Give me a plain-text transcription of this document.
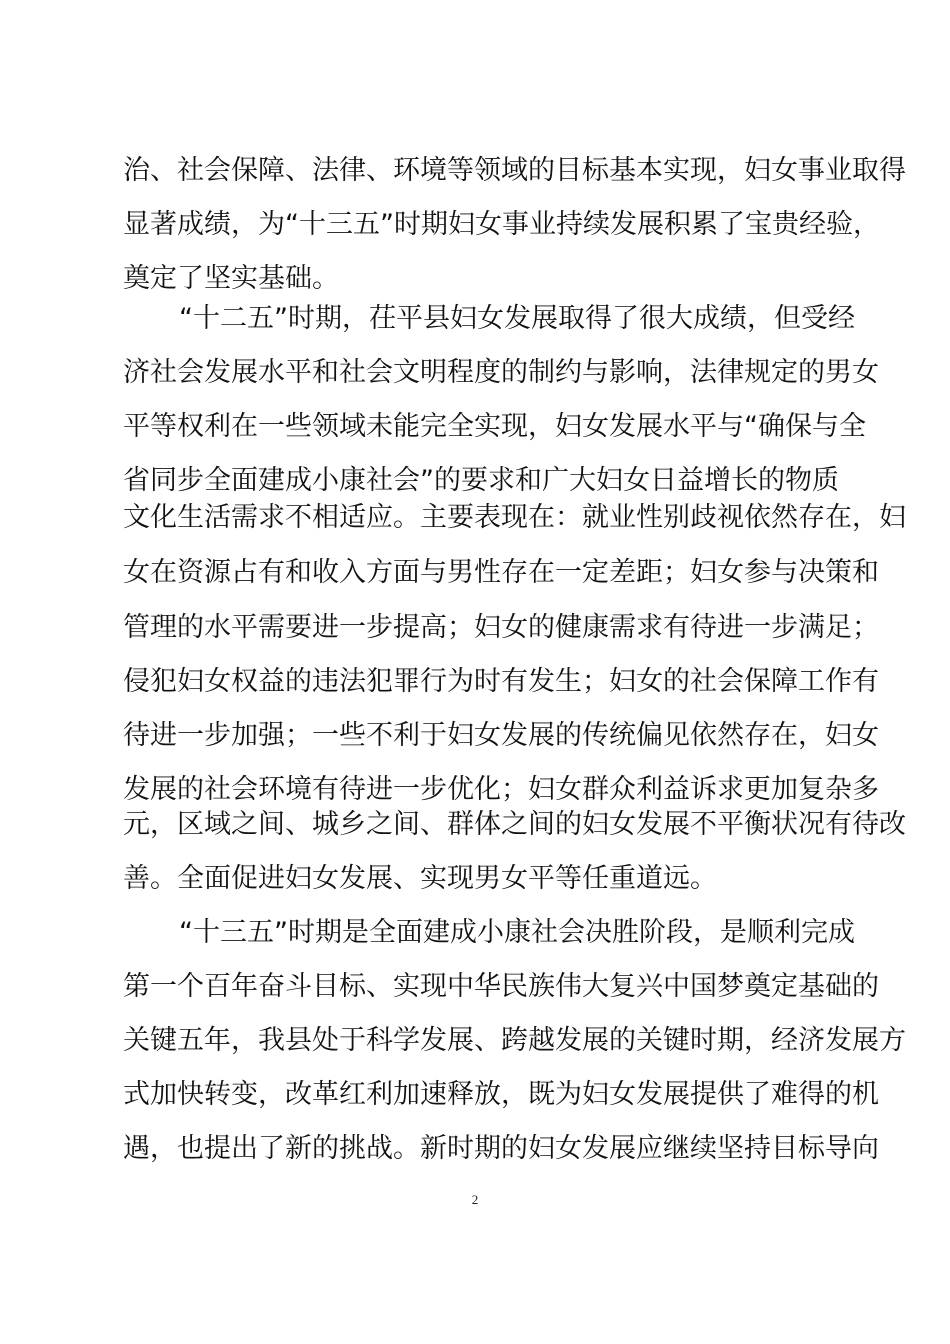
治、社会保障、法律、环境等领域的目标基本实现，妇女事业取得
显著成绩，为“十三五”时期妇女事业持续发展积累了宝贵经验，
奠定了坚实基础。
“十二五”时期，茌平县妇女发展取得了很大成绩，但受经
济社会发展水平和社会文明程度的制约与影响，法律规定的男女
平等权利在一些领域未能完全实现，妇女发展水平与“确保与全
省同步全面建成小康社会”的要求和广大妇女日益增长的物质
文化生活需求不相适应。主要表现在：就业性别歧视依然存在，妇
女在资源占有和收入方面与男性存在一定差距；妇女参与决策和
管理的水平需要进一步提高；妇女的健康需求有待进一步满足；
侵犯妇女权益的违法犯罪行为时有发生；妇女的社会保障工作有
待进一步加强；一些不利于妇女发展的传统偏见依然存在，妇女
发展的社会环境有待进一步优化；妇女群众利益诉求更加复杂多
元，区域之间、城乡之间、群体之间的妇女发展不平衡状况有待改
善。全面促进妇女发展、实现男女平等任重道远。
“十三五”时期是全面建成小康社会决胜阶段，是顺利完成
第一个百年奋斗目标、实现中华民族伟大复兴中国梦奠定基础的
关键五年，我县处于科学发展、跨越发展的关键时期，经济发展方
式加快转变，改革红利加速释放，既为妇女发展提供了难得的机
遇，也提出了新的挑战。新时期的妇女发展应继续坚持目标导向
2
